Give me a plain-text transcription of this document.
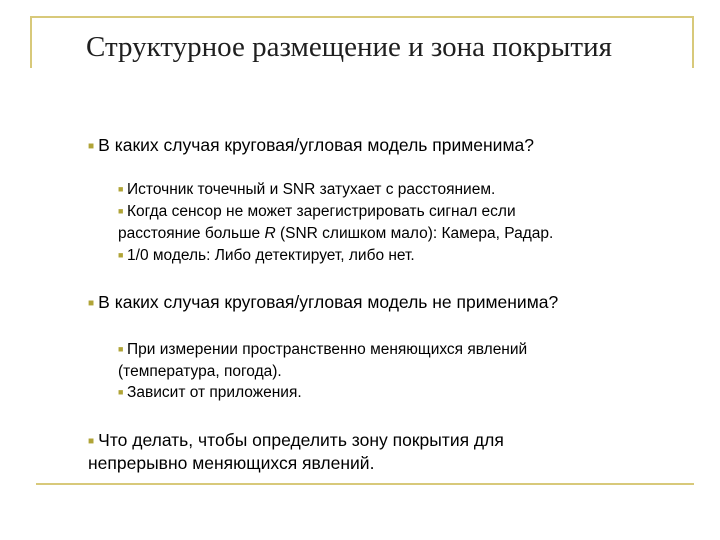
Структурное размещение и зона покрытия
■ В каких случая круговая/угловая модель применима?
■ Источник точечный и SNR затухает с расстоянием.
■ Когда сенсор не может зарегистрировать сигнал если
расстояние больше R (SNR слишком мало): Камера, Радар.
■ 1/0 модель: Либо детектирует, либо нет.
■ В каких случая круговая/угловая модель не применима?
■ При измерении пространственно меняющихся явлений
(температура, погода).
■ Зависит от приложения.
■ Что делать, чтобы определить зону покрытия для
непрерывно меняющихся явлений.
